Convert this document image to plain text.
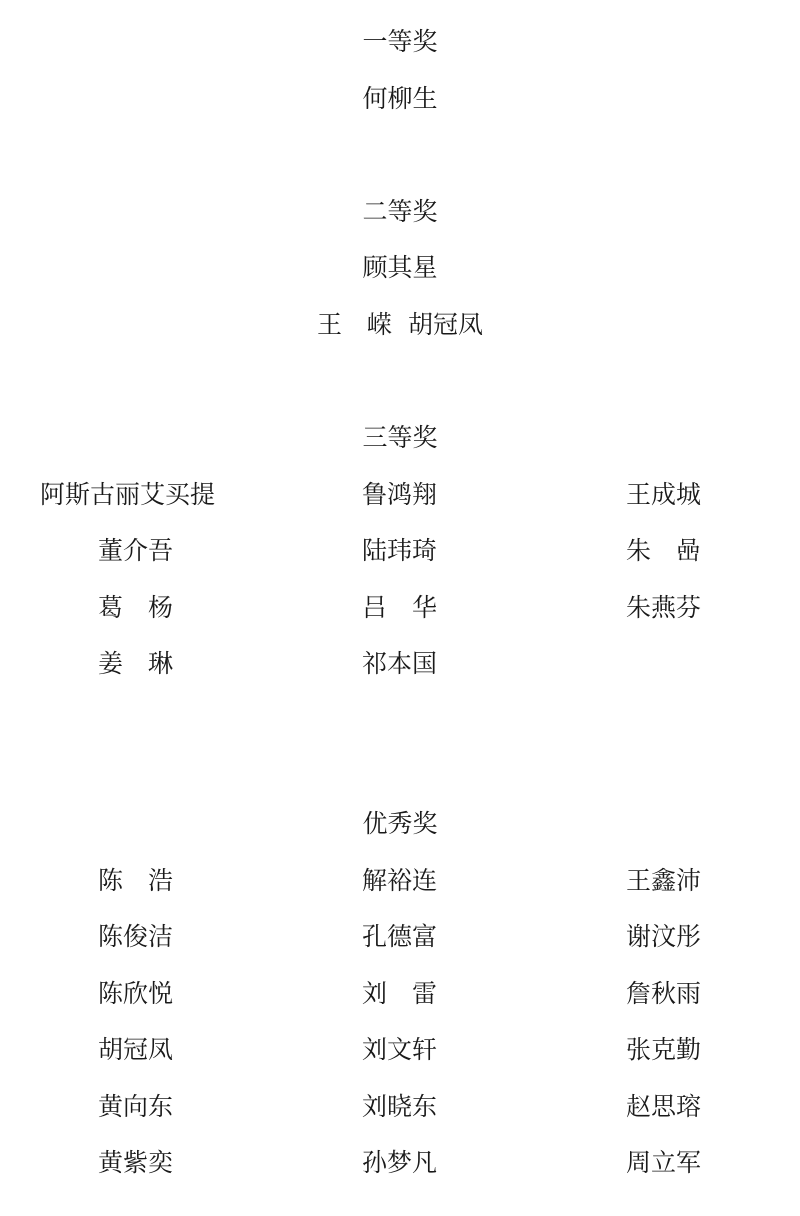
一等奖
何柳生
二等奖
顾其星
王　嵘  胡冠凤
三等奖
阿斯古丽艾买提	鲁鸿翔	王成城
董介吾	陆玮琦	朱　喦
葛　杨	吕　华	朱燕芬
姜　琳	祁本国
优秀奖
陈　浩	解裕连	王鑫沛
陈俊洁	孔德富	谢汶彤
陈欣悦	刘　雷	詹秋雨
胡冠凤	刘文轩	张克勤
黄向东	刘晓东	赵思瑢
黄紫奕	孙梦凡	周立军
